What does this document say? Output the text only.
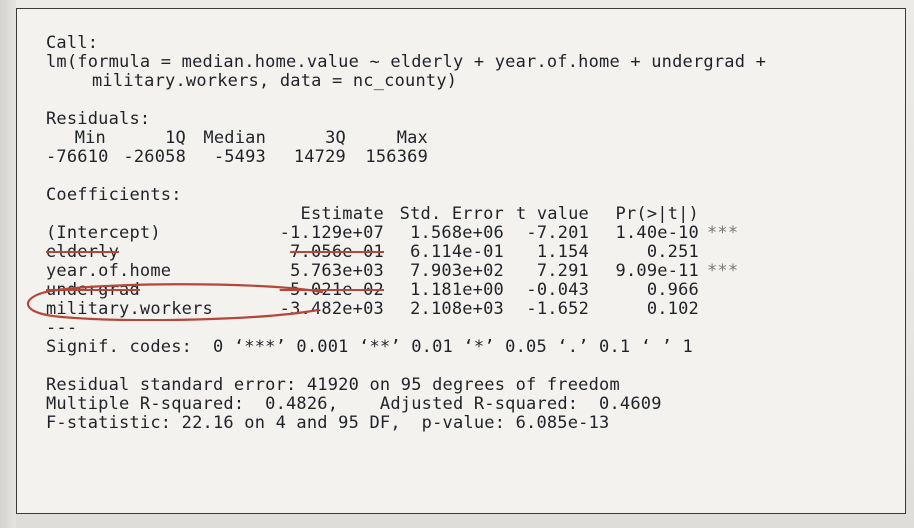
Call:
lm(formula = median.home.value ~ elderly + year.of.home + undergrad +
military.workers, data = nc_county)
Residuals:
Min	1Q Median	3Q	Max
-76610 -26058 -5493 14729 156369
Coefficients:
Estimate Std. Error t value Pr(>|t|)
(Intercept)	-1.129e+07 1.568e+06 -7.201 1.40e-10 ***
elderly	7.056e-01 6.114e-01 1.154	0.251
year.of.home	5.763e+03 7.903e+02 7.291 9.09e-11 ***
undergrad	-5.021e-02 1.181e+00 -0.043	0.966
military.workers	-3.482e+03 2.108e+03 -1.652	0.102
---
Signif. codes:  0 ‘***’ 0.001 ‘**’ 0.01 ‘*’ 0.05 ‘.’ 0.1 ‘ ’ 1
Residual standard error: 41920 on 95 degrees of freedom
Multiple R-squared:  0.4826,	Adjusted R-squared:  0.4609
F-statistic: 22.16 on 4 and 95 DF,  p-value: 6.085e-13
